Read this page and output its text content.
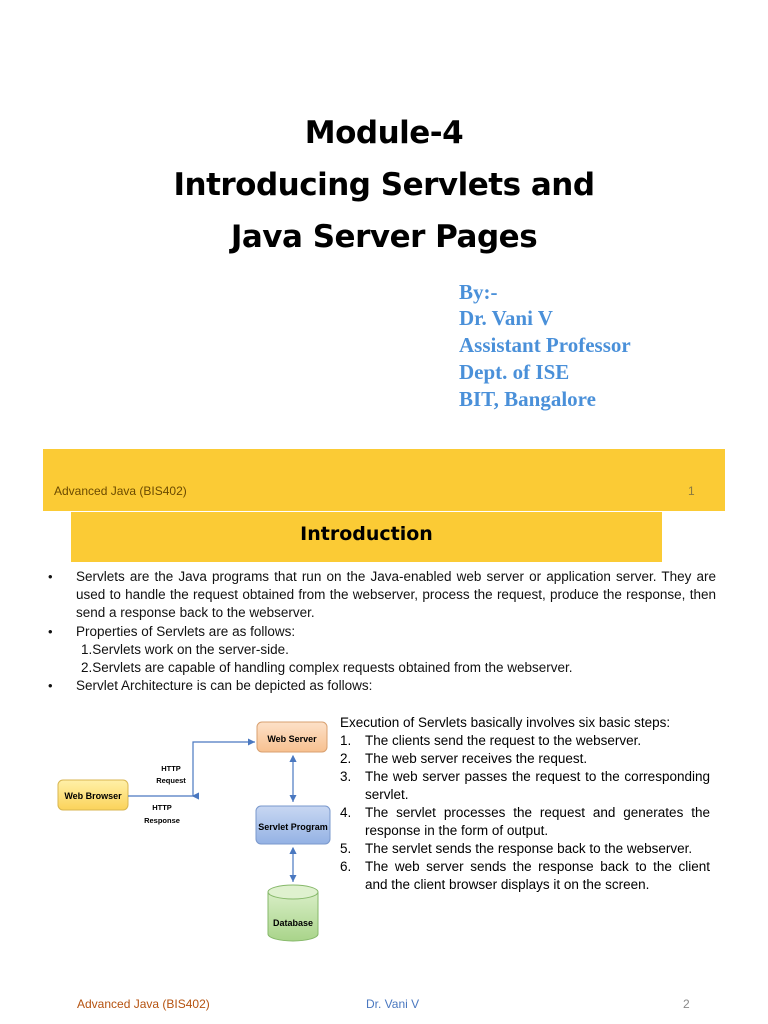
Module-4
Introducing Servlets and
Java Server Pages
By:-
Dr. Vani V
Assistant Professor
Dept. of ISE
BIT, Bangalore
Advanced Java (BIS402)	1
Introduction
• Servlets are the Java programs that run on the Java-enabled web server or application server. They are used to handle the request obtained from the webserver, process the request, produce the response, then send a response back to the webserver.
• Properties of Servlets are as follows:
1.Servlets work on the server-side.
2.Servlets are capable of handling complex requests obtained from the webserver.
• Servlet Architecture is can be depicted as follows:
Web Server
Web Browser
Servlet Program
Database
HTTP
Request
HTTP
Response
Execution of Servlets basically involves six basic steps:
1.	The clients send the request to the webserver.
2.	The web server receives the request.
3.	The web server passes the request to the corresponding servlet.
4.	The servlet processes the request and generates the response in the form of output.
5.	The servlet sends the response back to the webserver.
6.	The web server sends the response back to the client and the client browser displays it on the screen.
Advanced Java (BIS402)	Dr. Vani V	2
